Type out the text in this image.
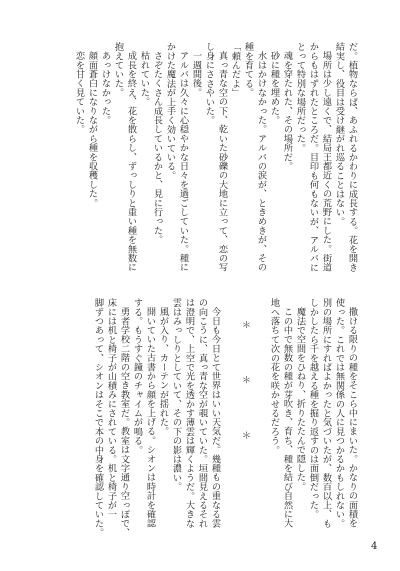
だ。植物ならば、あふれるかわりに成長する。花を開き
結実し、役目は受け継がれ巡ることはない。
場所は少し遠くで、結局王都近くの荒野にした。街道
からもはずれたところだ。目印も何もないが、アルバに
とって特別な場所だった。
魂を穿たれた、その場所だ。
砂に種を埋めた。
水はかけなかった。アルバの涙が、ときめきが、その
種を育てる。
「頼んだよ」
真っ青な空の下、乾いた砂礫の大地に立って、恋の写
し身にささやいた。
一週間後。
アルバは久々に心穏やかな日々を過ごしていた。種に
かけた魔法が上手く効いている。
さぞたくさん成長しているかと、見に行った。
枯れていた。
成長を終え、花を散らし、ずっしりと重い種を無数に
抱えていた。
あっけなかった。
顔面蒼白になりながら種を収穫した。
恋を甘く見ていた。
撒ける限りの種をそこら中にまいた。かなりの面積を
使った。これでは無関係の人に見つかるかもしれない。
別の場所にすればよかったと気づいたが、数百以上、も
しかしたら千を越える種を掘り返すのは面倒だった。
魔法で空間をひねり、折りたたんで隠した。
この中で無数の種が芽吹き、育ち、種を結び自然に大
地へ落ちて次の花を咲かせるだろう。
＊＊＊
今日も今日とて世界はいい天気だ。幾種もの重なる雲
の向こうに、真っ青な空が覗いていた。垣間見えるそれ
は澄明で、上空で光を透かす薄雲は輝くようだ。大きな
雲はみっしりとしていて、その下の影は濃い。
風が入り、カーテンが揺れた。
開いていた古書から顔を上げる。シオンは時計を確認
する。もうすぐ鐘のチャイムが鳴る。
勇者学校二階の空き教室だ。教室は文字通り空っぽで、
床には机と椅子が山積みにされている。机と椅子が一
脚ずつあって、シオンはそこで本の中身を確認していた。
4
